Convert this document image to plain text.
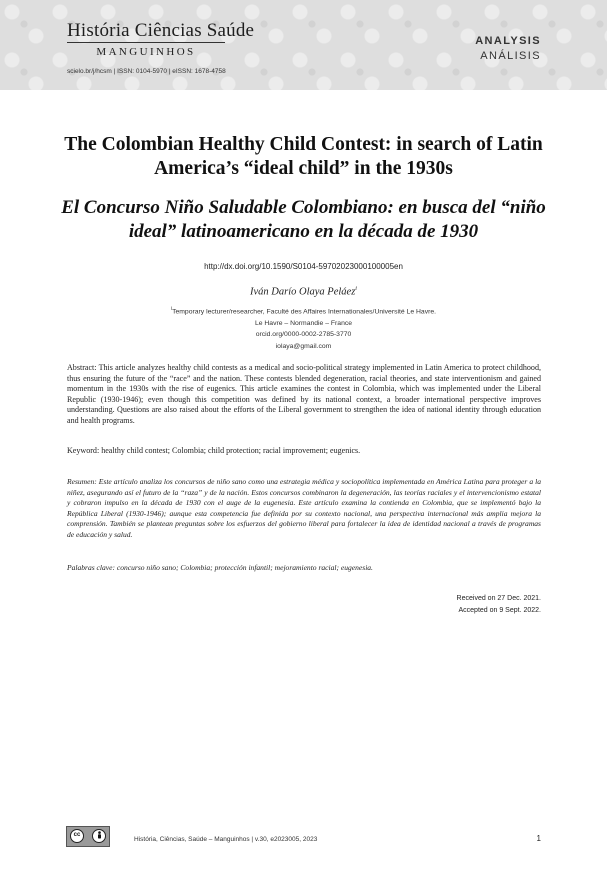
História Ciências Saúde
MANGUINHOS
scielo.br/j/hcsm | ISSN: 0104-5970 | eISSN: 1678-4758
ANALYSIS
ANÁLISIS
The Colombian Healthy Child Contest: in search of Latin America’s “ideal child” in the 1930s
El Concurso Niño Saludable Colombiano: en busca del “niño ideal” latinoamericano en la década de 1930
http://dx.doi.org/10.1590/S0104-59702023000100005en
Iván Darío Olaya Peláez$^i$
$^i$Temporary lecturer/researcher, Faculté des Affaires Internationales/Université Le Havre.
Le Havre – Normandie – France
orcid.org/0000-0002-2785-3770
iolaya@gmail.com

Abstract: This article analyzes healthy child contests as a medical and socio-political strategy implemented in Latin America to protect childhood, thus ensuring the future of the “race” and the nation. These contests blended degeneration, racial theories, and state interventionism and gained momentum in the 1930s with the rise of eugenics. This article examines the contest in Colombia, which was implemented under the Liberal Republic (1930-1946); even though this competition was defined by its national context, a broader international perspective improves understanding. Questions are also raised about the efforts of the Liberal government to strengthen the idea of national identity through education and health programs.

Keyword: healthy child contest; Colombia; child protection; racial improvement; eugenics.

Resumen: Este artículo analiza los concursos de niño sano como una estrategia médica y sociopolítica implementada en América Latina para proteger a la niñez, asegurando así el futuro de la “raza” y de la nación. Estos concursos combinaron la degeneración, las teorías raciales y el intervencionismo estatal y cobraron impulso en la década de 1930 con el auge de la eugenesia. Este artículo examina la contienda en Colombia, que se implementó bajo la República Liberal (1930-1946); aunque esta competencia fue definida por su contexto nacional, una perspectiva internacional más amplia mejora la comprensión. También se plantean preguntas sobre los esfuerzos del gobierno liberal para fortalecer la idea de identidad nacional a través de programas de educación y salud.

Palabras clave: concurso niño sano; Colombia; protección infantil; mejoramiento racial; eugenesia.

Received on 27 Dec. 2021.
Accepted on 9 Sept. 2022.
cc
História, Ciências, Saúde – Manguinhos | v.30, e2023005, 2023	1
